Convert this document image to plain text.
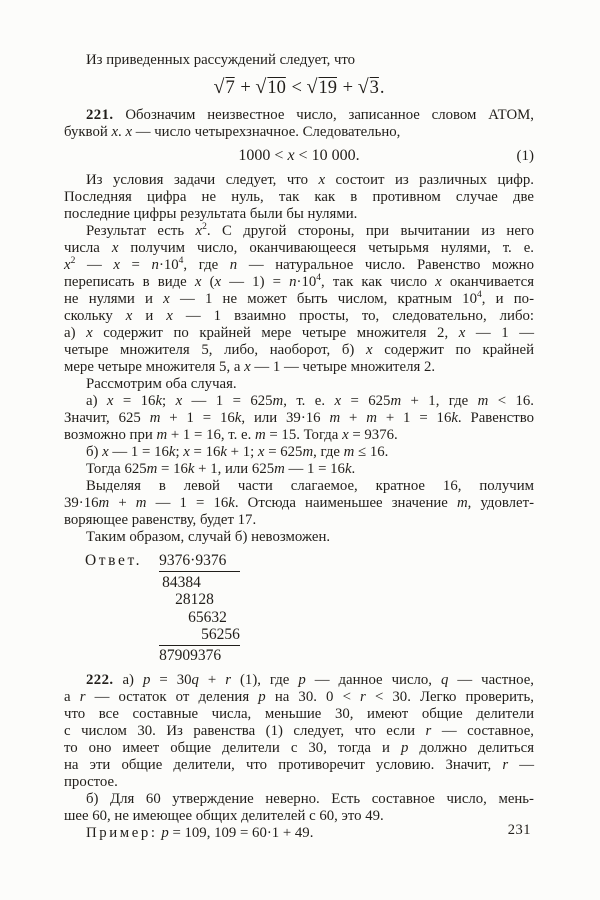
Из приведенных рассуждений следует, что
√7 + √10 < √19 + √3.
221. Обозначим неизвестное число, записанное словом АТОМ,
буквой x. x — число четырехзначное. Следовательно,
1000 < x < 10 000.	(1)
Из условия задачи следует, что x состоит из различных цифр.
Последняя цифра не нуль, так как в противном случае две
последние цифры результата были бы нулями.
Результат есть $x^2$. С другой стороны, при вычитании из него
числа x получим число, оканчивающееся четырьмя нулями, т. е.
$x^2$ — $x = n\cdot 10^4$, где n — натуральное число. Равенство можно
переписать в виде x (x — $1) = n\cdot 10^4$, так как число x оканчивается
не нулями и x — 1 не может быть числом, кратным $10^4$, и по-
скольку x и x — 1 взаимно просты, то, следовательно, либо:
а) x содержит по крайней мере четыре множителя 2, x — 1 —
четыре множителя 5, либо, наоборот, б) x содержит по крайней
мере четыре множителя 5, а x — 1 — четыре множителя 2.
Рассмотрим оба случая.
а) x = 16k; x — 1 = 625m, т. е. x = 625m + 1, где m < 16.
Значит, 625 m + 1 = 16k, или 39·16 m + m + 1 = 16k. Равенство
возможно при m + 1 = 16, т. е. m = 15. Тогда x = 9376.
б) x — 1 = 16k; x = 16k + 1; x = 625m, где m ≤ 16.
Тогда 625m = 16k + 1, или 625m — 1 = 16k.
Выделяя в левой части слагаемое, кратное 16, получим
39·16m + m — 1 = 16k. Отсюда наименьшее значение m, удовлет-
воряющее равенству, будет 17.
Таким образом, случай б) невозможен.
Ответ. 9376·9376
84384
28128
65632
56256
87909376
222. а) p = 30q + r (1), где p — данное число, q — частное,
а r — остаток от деления p на 30. 0 < r < 30. Легко проверить,
что все составные числа, меньшие 30, имеют общие делители
с числом 30. Из равенства (1) следует, что если r — составное,
то оно имеет общие делители с 30, тогда и p должно делиться
на эти общие делители, что противоречит условию. Значит, r —
простое.
б) Для 60 утверждение неверно. Есть составное число, мень-
шее 60, не имеющее общих делителей с 60, это 49.
Пример: p = 109, 109 = 60·1 + 49.	231
